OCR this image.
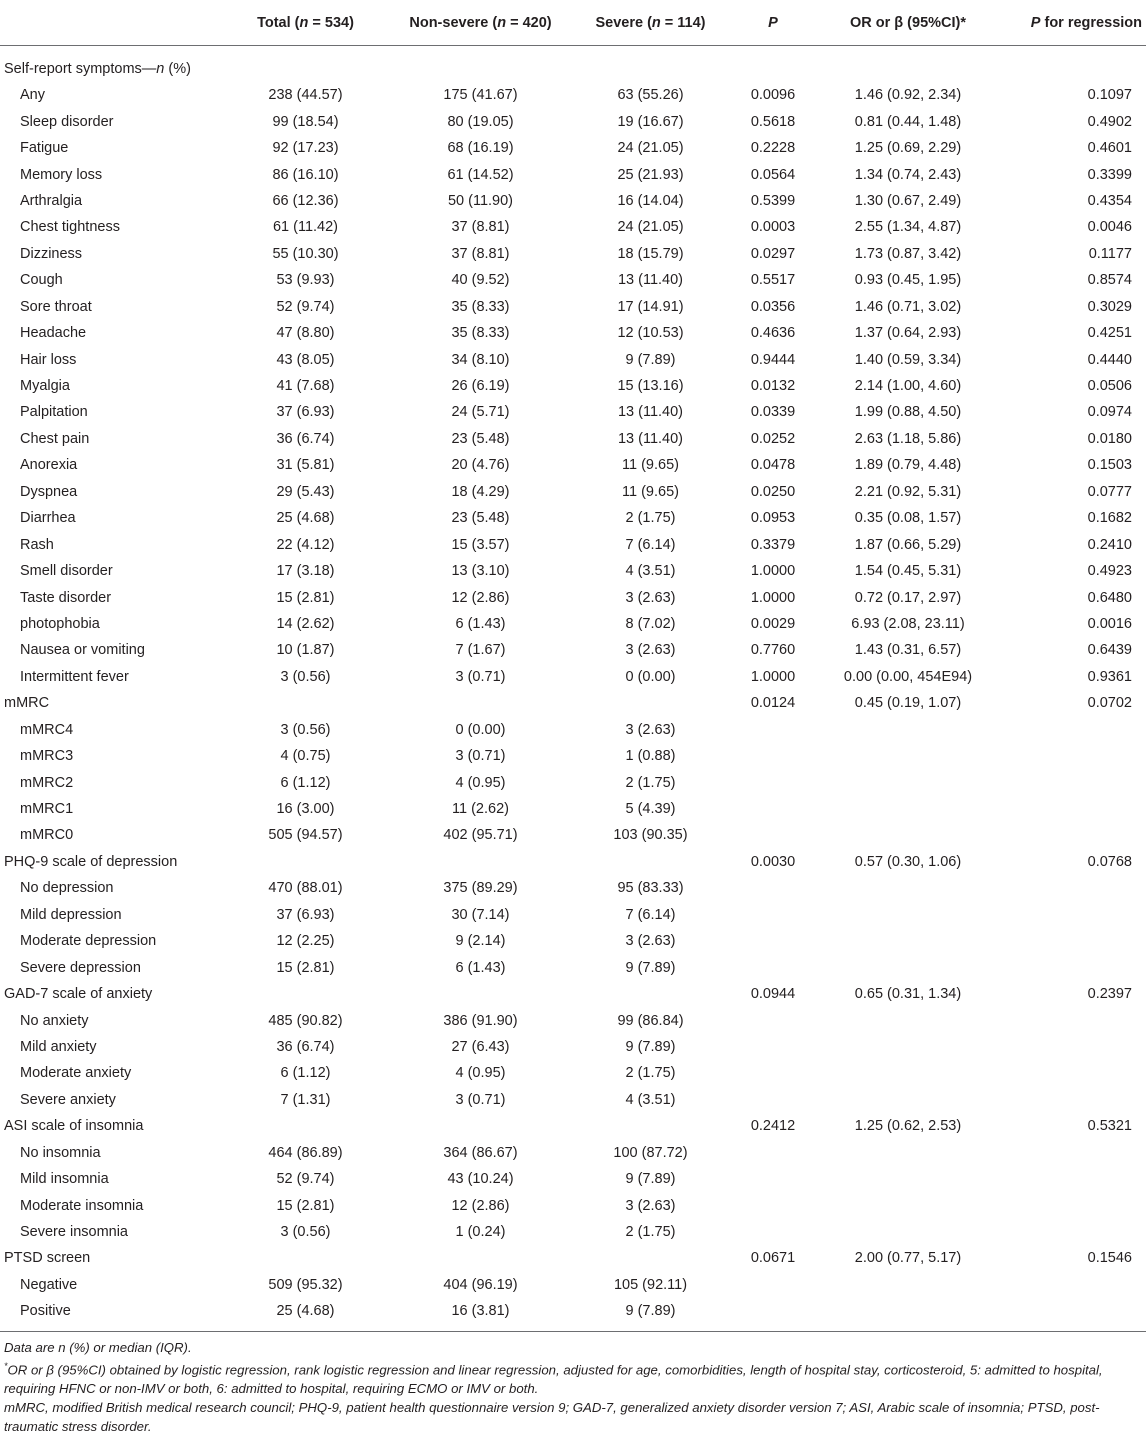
	Total (n = 534)	Non-severe (n = 420)	Severe (n = 114)	P	OR or β (95%CI)*	P for regression
Self-report symptoms—n (%)						
Any	238 (44.57)	175 (41.67)	63 (55.26)	0.0096	1.46 (0.92, 2.34)	0.1097
Sleep disorder	99 (18.54)	80 (19.05)	19 (16.67)	0.5618	0.81 (0.44, 1.48)	0.4902
Fatigue	92 (17.23)	68 (16.19)	24 (21.05)	0.2228	1.25 (0.69, 2.29)	0.4601
Memory loss	86 (16.10)	61 (14.52)	25 (21.93)	0.0564	1.34 (0.74, 2.43)	0.3399
Arthralgia	66 (12.36)	50 (11.90)	16 (14.04)	0.5399	1.30 (0.67, 2.49)	0.4354
Chest tightness	61 (11.42)	37 (8.81)	24 (21.05)	0.0003	2.55 (1.34, 4.87)	0.0046
Dizziness	55 (10.30)	37 (8.81)	18 (15.79)	0.0297	1.73 (0.87, 3.42)	0.1177
Cough	53 (9.93)	40 (9.52)	13 (11.40)	0.5517	0.93 (0.45, 1.95)	0.8574
Sore throat	52 (9.74)	35 (8.33)	17 (14.91)	0.0356	1.46 (0.71, 3.02)	0.3029
Headache	47 (8.80)	35 (8.33)	12 (10.53)	0.4636	1.37 (0.64, 2.93)	0.4251
Hair loss	43 (8.05)	34 (8.10)	9 (7.89)	0.9444	1.40 (0.59, 3.34)	0.4440
Myalgia	41 (7.68)	26 (6.19)	15 (13.16)	0.0132	2.14 (1.00, 4.60)	0.0506
Palpitation	37 (6.93)	24 (5.71)	13 (11.40)	0.0339	1.99 (0.88, 4.50)	0.0974
Chest pain	36 (6.74)	23 (5.48)	13 (11.40)	0.0252	2.63 (1.18, 5.86)	0.0180
Anorexia	31 (5.81)	20 (4.76)	11 (9.65)	0.0478	1.89 (0.79, 4.48)	0.1503
Dyspnea	29 (5.43)	18 (4.29)	11 (9.65)	0.0250	2.21 (0.92, 5.31)	0.0777
Diarrhea	25 (4.68)	23 (5.48)	2 (1.75)	0.0953	0.35 (0.08, 1.57)	0.1682
Rash	22 (4.12)	15 (3.57)	7 (6.14)	0.3379	1.87 (0.66, 5.29)	0.2410
Smell disorder	17 (3.18)	13 (3.10)	4 (3.51)	1.0000	1.54 (0.45, 5.31)	0.4923
Taste disorder	15 (2.81)	12 (2.86)	3 (2.63)	1.0000	0.72 (0.17, 2.97)	0.6480
photophobia	14 (2.62)	6 (1.43)	8 (7.02)	0.0029	6.93 (2.08, 23.11)	0.0016
Nausea or vomiting	10 (1.87)	7 (1.67)	3 (2.63)	0.7760	1.43 (0.31, 6.57)	0.6439
Intermittent fever	3 (0.56)	3 (0.71)	0 (0.00)	1.0000	0.00 (0.00, 454E94)	0.9361
mMRC				0.0124	0.45 (0.19, 1.07)	0.0702
mMRC4	3 (0.56)	0 (0.00)	3 (2.63)			
mMRC3	4 (0.75)	3 (0.71)	1 (0.88)			
mMRC2	6 (1.12)	4 (0.95)	2 (1.75)			
mMRC1	16 (3.00)	11 (2.62)	5 (4.39)			
mMRC0	505 (94.57)	402 (95.71)	103 (90.35)			
PHQ-9 scale of depression				0.0030	0.57 (0.30, 1.06)	0.0768
No depression	470 (88.01)	375 (89.29)	95 (83.33)			
Mild depression	37 (6.93)	30 (7.14)	7 (6.14)			
Moderate depression	12 (2.25)	9 (2.14)	3 (2.63)			
Severe depression	15 (2.81)	6 (1.43)	9 (7.89)			
GAD-7 scale of anxiety				0.0944	0.65 (0.31, 1.34)	0.2397
No anxiety	485 (90.82)	386 (91.90)	99 (86.84)			
Mild anxiety	36 (6.74)	27 (6.43)	9 (7.89)			
Moderate anxiety	6 (1.12)	4 (0.95)	2 (1.75)			
Severe anxiety	7 (1.31)	3 (0.71)	4 (3.51)			
ASI scale of insomnia				0.2412	1.25 (0.62, 2.53)	0.5321
No insomnia	464 (86.89)	364 (86.67)	100 (87.72)			
Mild insomnia	52 (9.74)	43 (10.24)	9 (7.89)			
Moderate insomnia	15 (2.81)	12 (2.86)	3 (2.63)			
Severe insomnia	3 (0.56)	1 (0.24)	2 (1.75)			
PTSD screen				0.0671	2.00 (0.77, 5.17)	0.1546
Negative	509 (95.32)	404 (96.19)	105 (92.11)			
Positive	25 (4.68)	16 (3.81)	9 (7.89)			

Data are n (%) or median (IQR).

*OR or β (95%CI) obtained by logistic regression, rank logistic regression and linear regression, adjusted for age, comorbidities, length of hospital stay, corticosteroid, 5: admitted to hospital, requiring HFNC or non-IMV or both, 6: admitted to hospital, requiring ECMO or IMV or both.

mMRC, modified British medical research council; PHQ-9, patient health questionnaire version 9; GAD-7, generalized anxiety disorder version 7; ASI, Arabic scale of insomnia; PTSD, post-traumatic stress disorder.
